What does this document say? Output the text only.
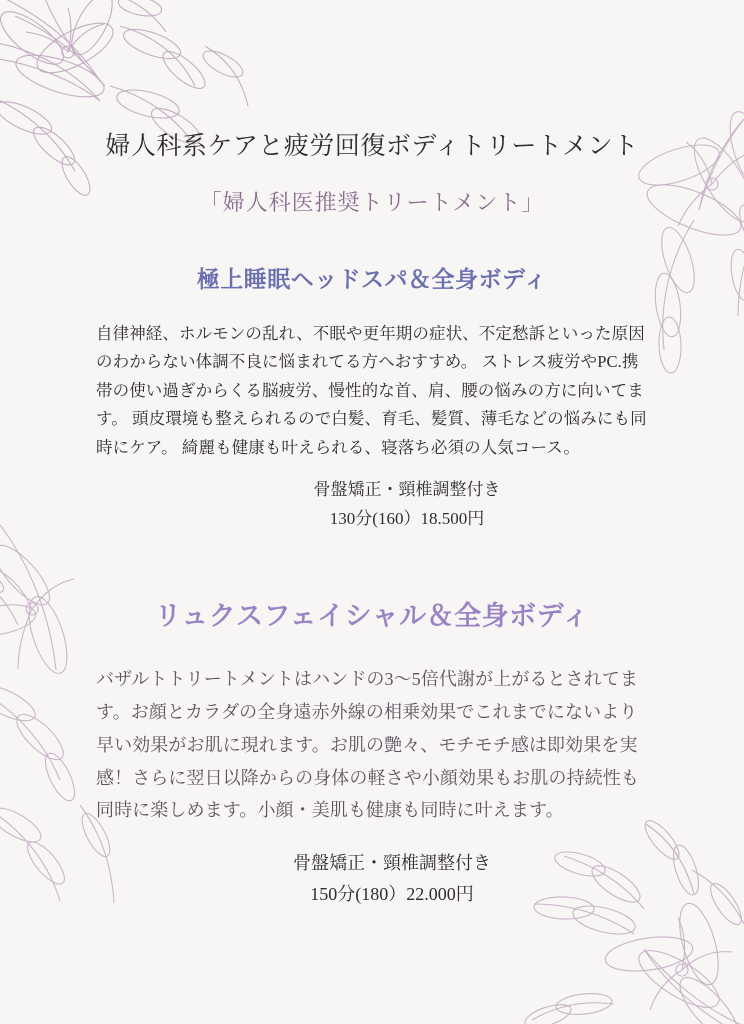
婦人科系ケアと疲労回復ボディトリートメント

「婦人科医推奨トリートメント」

極上睡眠ヘッドスパ＆全身ボディ

自律神経、ホルモンの乱れ、不眠や更年期の症状、不定愁訴といった原因のわからない体調不良に悩まれてる方へおすすめ。 ストレス疲労やPC.携帯の使い過ぎからくる脳疲労、慢性的な首、肩、腰の悩みの方に向いてます。 頭皮環境も整えられるので白髪、育毛、髪質、薄毛などの悩みにも同時にケア。 綺麗も健康も叶えられる、寝落ち必須の人気コース。

骨盤矯正・頸椎調整付き

130分(160）18.500円

リュクスフェイシャル＆全身ボディ

バザルトトリートメントはハンドの3〜5倍代謝が上がるとされてます。お顔とカラダの全身遠赤外線の相乗効果でこれまでにないより早い効果がお肌に現れます。お肌の艶々、モチモチ感は即効果を実感！さらに翌日以降からの身体の軽さや小顔効果もお肌の持続性も同時に楽しめます。小顔・美肌も健康も同時に叶えます。

骨盤矯正・頸椎調整付き

150分(180）22.000円
